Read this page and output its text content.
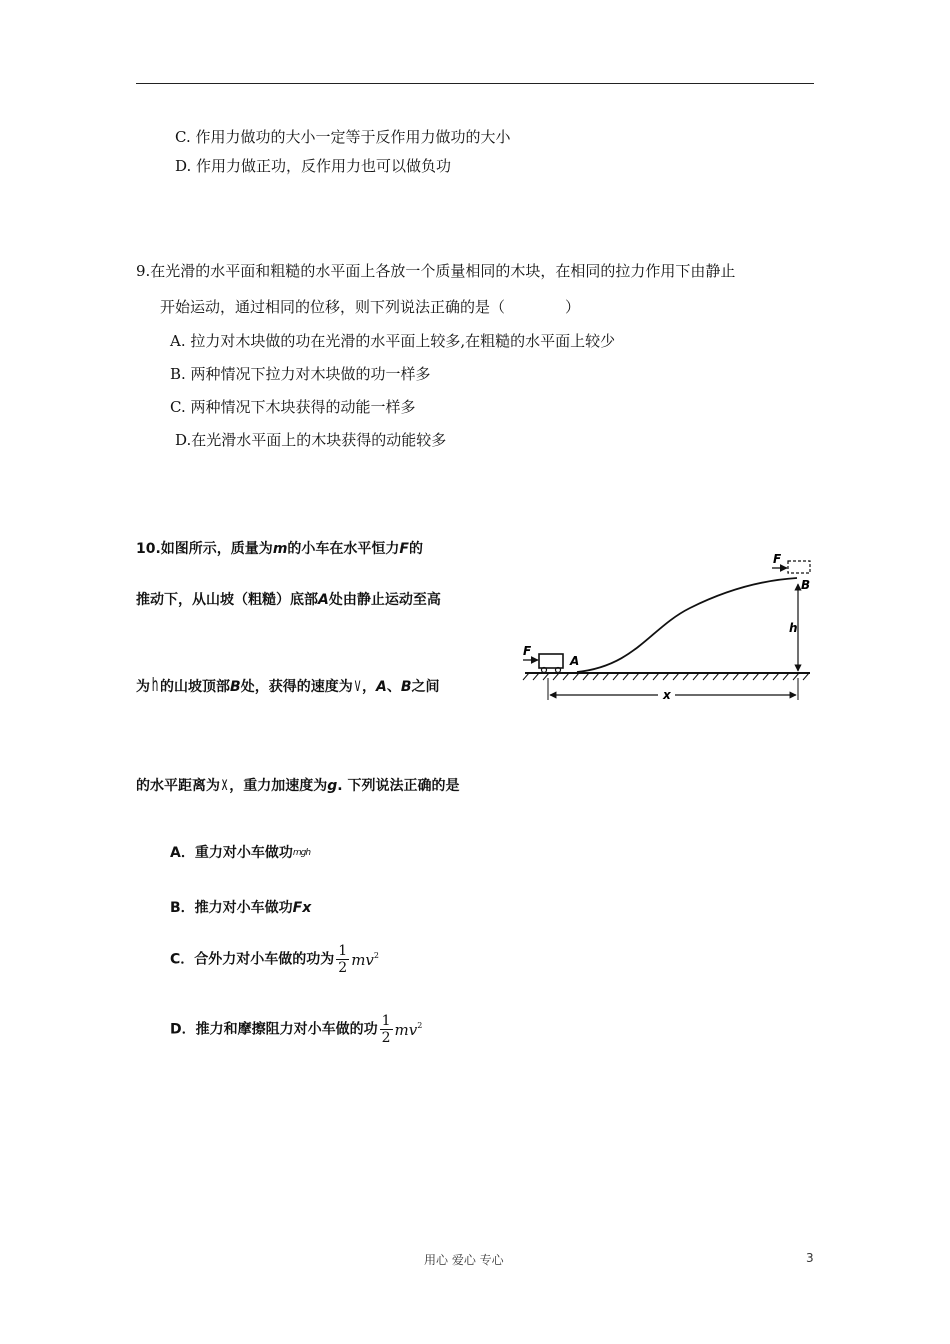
C. 作用力做功的大小一定等于反作用力做功的大小
D. 作用力做正功，反作用力也可以做负功
9.在光滑的水平面和粗糙的水平面上各放一个质量相同的木块，在相同的拉力作用下由静止
开始运动，通过相同的位移，则下列说法正确的是（　　　　）
A. 拉力对木块做的功在光滑的水平面上较多,在粗糙的水平面上较少
B. 两种情况下拉力对木块做的功一样多
C. 两种情况下木块获得的动能一样多
D.在光滑水平面上的木块获得的动能较多
10.如图所示，质量为m的小车在水平恒力F的
推动下，从山坡（粗糙）底部A处由静止运动至高
为h 的山坡顶部B处，获得的速度为v ，A、B之间
的水平距离为x ，重力加速度为g. 下列说法正确的是
A．重力对小车做功mgh
B．推力对小车做功Fx
C．合外力对小车做的功为 $\frac{1}{2} mv^2$
D．推力和摩擦阻力对小车做的功 $\frac{1}{2} mv^2$
F
A
F
B
h
x
用心 爱心 专心	3
